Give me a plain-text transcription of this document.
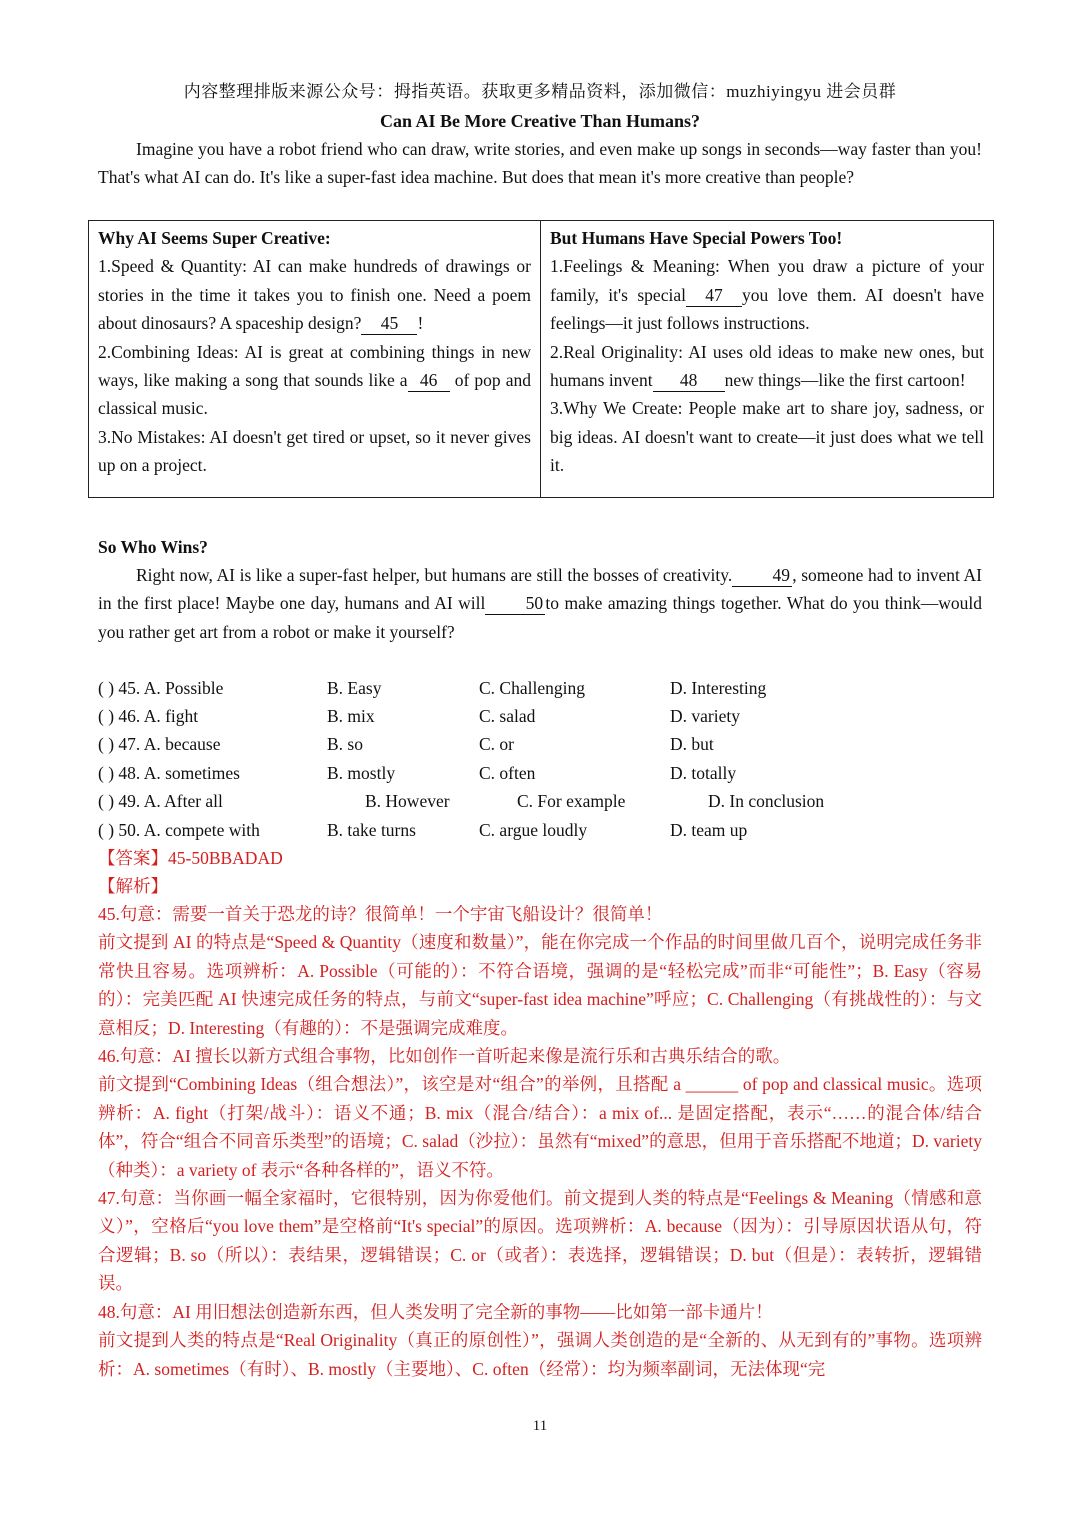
内容整理排版来源公众号：拇指英语。获取更多精品资料，添加微信：muzhiyingyu 进会员群
Can AI Be More Creative Than Humans?
Imagine you have a robot friend who can draw, write stories, and even make up songs in seconds—way faster than you! That's what AI can do. It's like a super-fast idea machine. But does that mean it's more creative than people?
Why AI Seems Super Creative:
1.Speed & Quantity: AI can make hundreds of drawings or stories in the time it takes you to finish one. Need a poem about dinosaurs? A spaceship design? 45 !
2.Combining Ideas: AI is great at combining things in new ways, like making a song that sounds like a 46 of pop and classical music.
3.No Mistakes: AI doesn't get tired or upset, so it never gives up on a project.

But Humans Have Special Powers Too!
1.Feelings & Meaning: When you draw a picture of your family, it's special 47 you love them. AI doesn't have feelings—it just follows instructions.
2.Real Originality: AI uses old ideas to make new ones, but humans invent 48 new things—like the first cartoon!
3.Why We Create: People make art to share joy, sadness, or big ideas. AI doesn't want to create—it just does what we tell it.
So Who Wins?
Right now, AI is like a super-fast helper, but humans are still the bosses of creativity. 49 , someone had to invent AI in the first place! Maybe one day, humans and AI will 50 to make amazing things together. What do you think—would you rather get art from a robot or make it yourself?
( ) 45. A. Possible	B. Easy	C. Challenging	D. Interesting
( ) 46. A. fight	B. mix	C. salad	D. variety
( ) 47. A. because	B. so	C. or	D. but
( ) 48. A. sometimes	B. mostly	C. often	D. totally
( ) 49. A. After all	B. However	C. For example	D. In conclusion
( ) 50. A. compete with	B. take turns	C. argue loudly	D. team up
【答案】45-50BBADAD
【解析】
45.句意：需要一首关于恐龙的诗？很简单！一个宇宙飞船设计？很简单！
前文提到 AI 的特点是“Speed & Quantity（速度和数量）”，能在你完成一个作品的时间里做几百个，说明完成任务非常快且容易。选项辨析：A. Possible（可能的）：不符合语境，强调的是“轻松完成”而非“可能性”；B. Easy（容易的）：完美匹配 AI 快速完成任务的特点，与前文“super-fast idea machine”呼应；C. Challenging（有挑战性的）：与文意相反；D. Interesting（有趣的）：不是强调完成难度。
46.句意：AI 擅长以新方式组合事物，比如创作一首听起来像是流行乐和古典乐结合的歌。
前文提到“Combining Ideas（组合想法）”，该空是对“组合”的举例，且搭配 a ______ of pop and classical music。选项辨析：A. fight（打架/战斗）：语义不通；B. mix（混合/结合）：a mix of... 是固定搭配，表示“……的混合体/结合体”，符合“组合不同音乐类型”的语境；C. salad（沙拉）：虽然有“mixed”的意思，但用于音乐搭配不地道；D. variety（种类）：a variety of 表示“各种各样的”，语义不符。
47.句意：当你画一幅全家福时，它很特别，因为你爱他们。前文提到人类的特点是“Feelings & Meaning（情感和意义）”，空格后“you love them”是空格前“It's special”的原因。选项辨析：A. because（因为）：引导原因状语从句，符合逻辑；B. so（所以）：表结果，逻辑错误；C. or（或者）：表选择，逻辑错误；D. but（但是）：表转折，逻辑错误。
48.句意：AI 用旧想法创造新东西，但人类发明了完全新的事物——比如第一部卡通片！
前文提到人类的特点是“Real Originality（真正的原创性）”，强调人类创造的是“全新的、从无到有的”事物。选项辨析：A. sometimes（有时）、B. mostly（主要地）、C. often（经常）：均为频率副词，无法体现“完
11
